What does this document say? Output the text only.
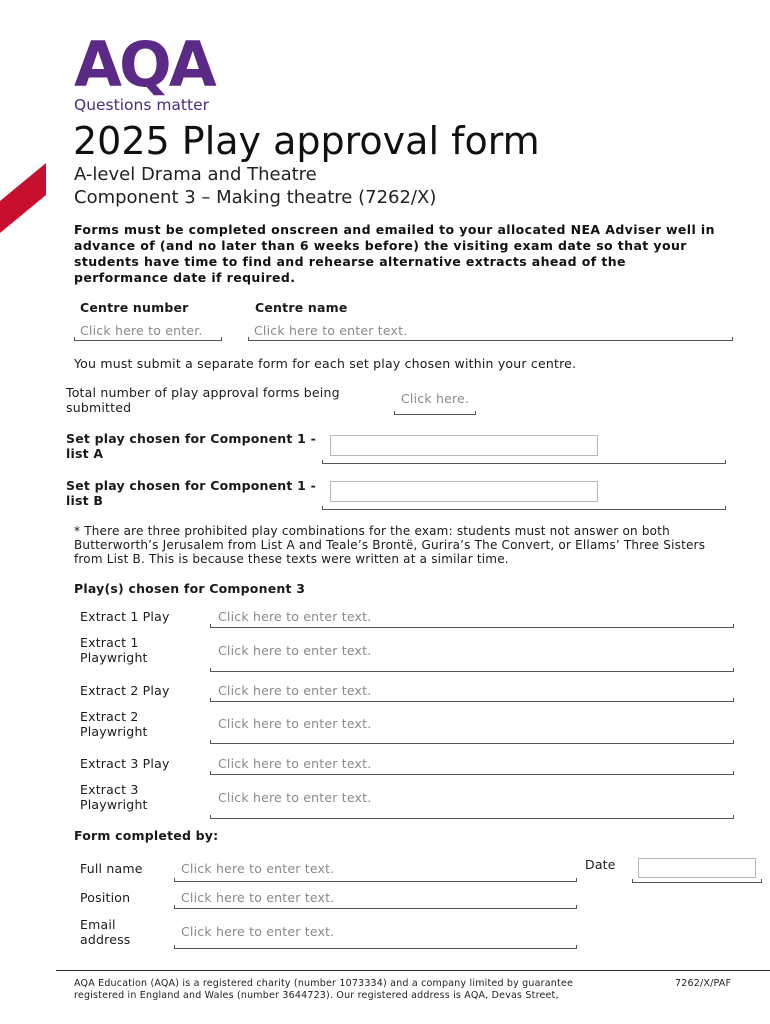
AQA
Questions matter
2025 Play approval form
A-level Drama and Theatre
Component 3 – Making theatre (7262/X)
Forms must be completed onscreen and emailed to your allocated NEA Adviser well in advance of (and no later than 6 weeks before) the visiting exam date so that your students have time to find and rehearse alternative extracts ahead of the performance date if required.
Centre number	Centre name
Click here to enter.	Click here to enter text.
You must submit a separate form for each set play chosen within your centre.
Total number of play approval forms being submitted
Click here.
Set play chosen for Component 1 - list A
Set play chosen for Component 1 - list B
* There are three prohibited play combinations for the exam: students must not answer on both Butterworth’s Jerusalem from List A and Teale’s Brontë, Gurira’s The Convert, or Ellams’ Three Sisters from List B. This is because these texts were written at a similar time.
Play(s) chosen for Component 3
Extract 1 Play	Click here to enter text.
Extract 1 Playwright	Click here to enter text.
Extract 2 Play	Click here to enter text.
Extract 2 Playwright
Click here to enter text.
Extract 3 Play	Click here to enter text.
Extract 3 Playwright	Click here to enter text.
Form completed by:
Full name	Click here to enter text.	Date
Position	Click here to enter text.
Email address
Click here to enter text.
AQA Education (AQA) is a registered charity (number 1073334) and a company limited by guarantee
registered in England and Wales (number 3644723). Our registered address is AQA, Devas Street,
7262/X/PAF
